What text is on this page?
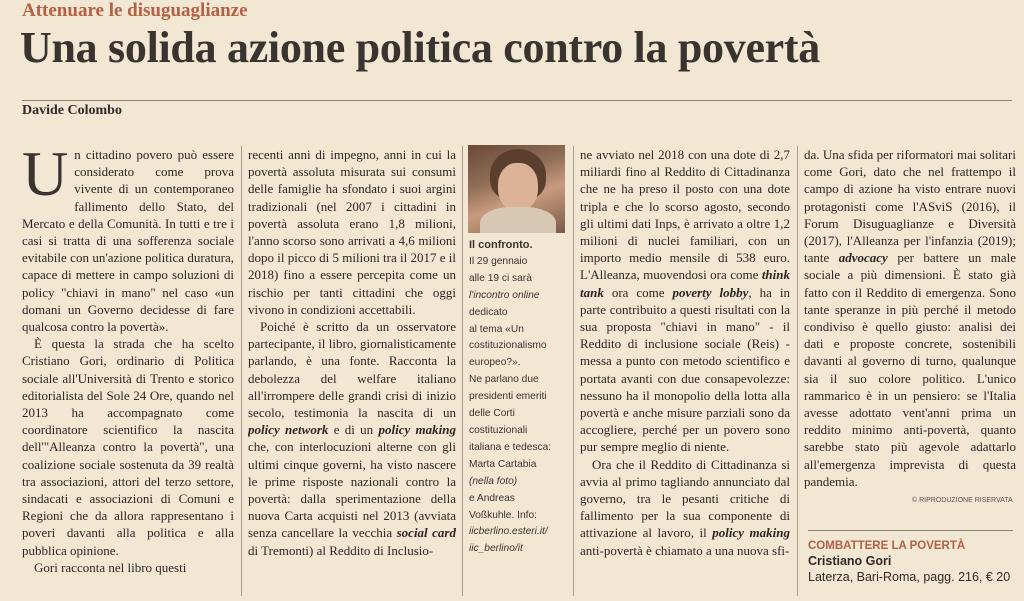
Attenuare le disuguaglianze
Una solida azione politica contro la povertà
Davide Colombo

Un cittadino povero può essere considerato come prova vivente di un contemporaneo fallimento dello Stato, del Mercato e della Comunità. In tutti e tre i casi si tratta di una sofferenza sociale evitabile con un'azione politica duratura, capace di mettere in campo soluzioni di policy "chiavi in mano" nel caso «un domani un Governo decidesse di fare qualcosa contro la povertà».

È questa la strada che ha scelto Cristiano Gori, ordinario di Politica sociale all'Università di Trento e storico editorialista del Sole 24 Ore, quando nel 2013 ha accompagnato come coordinatore scientifico la nascita dell'"Alleanza contro la povertà", una coalizione sociale sostenuta da 39 realtà tra associazioni, attori del terzo settore, sindacati e associazioni di Comuni e Regioni che da allora rappresentano i poveri davanti alla politica e alla pubblica opinione.

Gori racconta nel libro questi

recenti anni di impegno, anni in cui la povertà assoluta misurata sui consumi delle famiglie ha sfondato i suoi argini tradizionali (nel 2007 i cittadini in povertà assoluta erano 1,8 milioni, l'anno scorso sono arrivati a 4,6 milioni dopo il picco di 5 milioni tra il 2017 e il 2018) fino a essere percepita come un rischio per tanti cittadini che oggi vivono in condizioni accettabili.

Poiché è scritto da un osservatore partecipante, il libro, giornalisticamente parlando, è una fonte. Racconta la debolezza del welfare italiano all'irrompere delle grandi crisi di inizio secolo, testimonia la nascita di un policy network e di un policy making che, con interlocuzioni alterne con gli ultimi cinque governi, ha visto nascere le prime risposte nazionali contro la povertà: dalla sperimentazione della nuova Carta acquisti nel 2013 (avviata senza cancellare la vecchia social card di Tremonti) al Reddito di Inclusio-

Il confronto.
Il 29 gennaio
alle 19 ci sarà
l'incontro online
dedicato
al tema «Un
costituzionalismo
europeo?».
Ne parlano due
presidenti emeriti
delle Corti
costituzionali
italiana e tedesca:
Marta Cartabia
(nella foto)
e Andreas
Voßkuhle. Info:
iicberlino.esteri.it/
iic_berlino/it

ne avviato nel 2018 con una dote di 2,7 miliardi fino al Reddito di Cittadinanza che ne ha preso il posto con una dote tripla e che lo scorso agosto, secondo gli ultimi dati Inps, è arrivato a oltre 1,2 milioni di nuclei familiari, con un importo medio mensile di 538 euro. L'Alleanza, muovendosi ora come think tank ora come poverty lobby, ha in parte contribuito a questi risultati con la sua proposta "chiavi in mano" - il Reddito di inclusione sociale (Reis) - messa a punto con metodo scientifico e portata avanti con due consapevolezze: nessuno ha il monopolio della lotta alla povertà e anche misure parziali sono da accogliere, perché per un povero sono pur sempre meglio di niente.

Ora che il Reddito di Cittadinanza si avvia al primo tagliando annunciato dal governo, tra le pesanti critiche di fallimento per la sua componente di attivazione al lavoro, il policy making anti-povertà è chiamato a una nuova sfi-

da. Una sfida per riformatori mai solitari come Gori, dato che nel frattempo il campo di azione ha visto entrare nuovi protagonisti come l'ASviS (2016), il Forum Disuguaglianze e Diversità (2017), l'Alleanza per l'infanzia (2019); tante advocacy per battere un male sociale a più dimensioni. È stato già fatto con il Reddito di emergenza. Sono tante speranze in più perché il metodo condiviso è quello giusto: analisi dei dati e proposte concrete, sostenibili davanti al governo di turno, qualunque sia il suo colore politico. L'unico rammarico è in un pensiero: se l'Italia avesse adottato vent'anni prima un reddito minimo anti-povertà, quanto sarebbe stato più agevole adattarlo all'emergenza imprevista di questa pandemia.

© RIPRODUZIONE RISERVATA
COMBATTERE LA POVERTÀ
Cristiano Gori
Laterza, Bari-Roma, pagg. 216, € 20
